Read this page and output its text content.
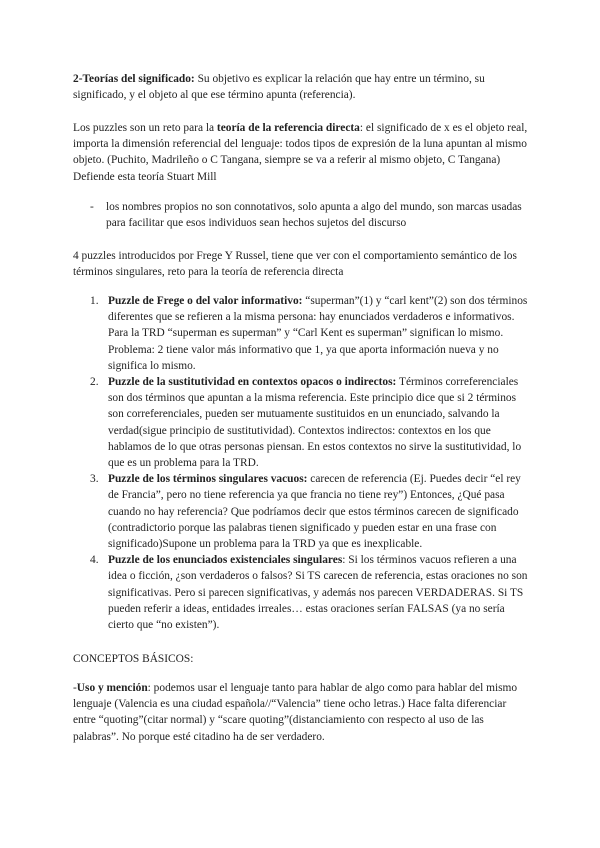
2-Teorías del significado: Su objetivo es explicar la relación que hay entre un término, su significado, y el objeto al que ese término apunta (referencia).

Los puzzles son un reto para la teoría de la referencia directa: el significado de x es el objeto real, importa la dimensión referencial del lenguaje: todos tipos de expresión de la luna apuntan al mismo objeto. (Puchito, Madrileño o C Tangana, siempre se va a referir al mismo objeto, C Tangana)
Defiende esta teoría Stuart Mill

- los nombres propios no son connotativos, solo apunta a algo del mundo, son marcas usadas para facilitar que esos individuos sean hechos sujetos del discurso

4 puzzles introducidos por Frege Y Russel, tiene que ver con el comportamiento semántico de los términos singulares, reto para la teoría de referencia directa

1. Puzzle de Frege o del valor informativo: “superman”(1) y “carl kent”(2) son dos términos diferentes que se refieren a la misma persona: hay enunciados verdaderos e informativos. Para la TRD “superman es superman” y “Carl Kent es superman” significan lo mismo. Problema: 2 tiene valor más informativo que 1, ya que aporta información nueva y no significa lo mismo.
2. Puzzle de la sustitutividad en contextos opacos o indirectos: Términos correferenciales son dos términos que apuntan a la misma referencia. Este principio dice que si 2 términos son correferenciales, pueden ser mutuamente sustituidos en un enunciado, salvando la verdad(sigue principio de sustitutividad). Contextos indirectos: contextos en los que hablamos de lo que otras personas piensan. En estos contextos no sirve la sustitutividad, lo que es un problema para la TRD.
3. Puzzle de los términos singulares vacuos: carecen de referencia (Ej. Puedes decir “el rey de Francia”, pero no tiene referencia ya que francia no tiene rey”) Entonces, ¿Qué pasa cuando no hay referencia? Que podríamos decir que estos términos carecen de significado (contradictorio porque las palabras tienen significado y pueden estar en una frase con significado)Supone un problema para la TRD ya que es inexplicable.
4. Puzzle de los enunciados existenciales singulares: Si los términos vacuos refieren a una idea o ficción, ¿son verdaderos o falsos? Si TS carecen de referencia, estas oraciones no son significativas. Pero si parecen significativas, y además nos parecen VERDADERAS. Si TS pueden referir a ideas, entidades irreales… estas oraciones serían FALSAS (ya no sería cierto que “no existen”).

CONCEPTOS BÁSICOS:

-Uso y mención: podemos usar el lenguaje tanto para hablar de algo como para hablar del mismo lenguaje (Valencia es una ciudad española//“Valencia” tiene ocho letras.) Hace falta diferenciar entre “quoting”(citar normal) y “scare quoting”(distanciamiento con respecto al uso de las palabras”. No porque esté citadino ha de ser verdadero.
